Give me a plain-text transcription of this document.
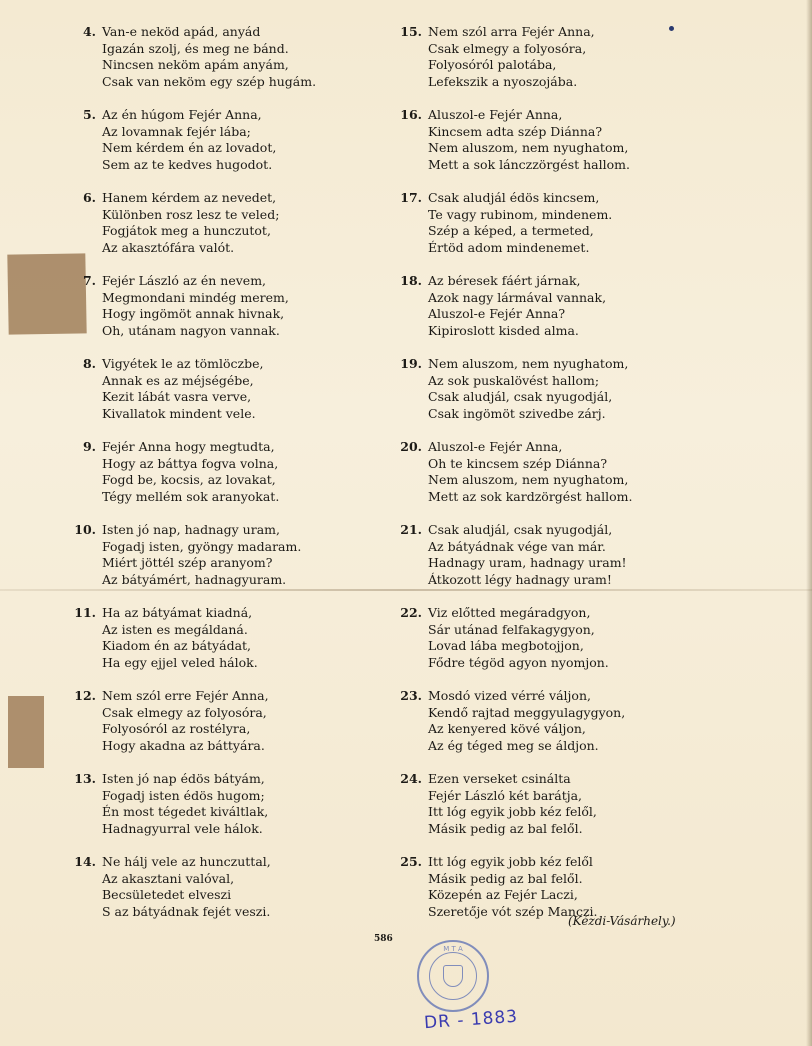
4. Van-e neköd apád, anyád
Igazán szolj, és meg ne bánd.
Nincsen neköm apám anyám,
Csak van neköm egy szép hugám.
5. Az én húgom Fejér Anna,
Az lovamnak fejér lába;
Nem kérdem én az lovadot,
Sem az te kedves hugodot.
6. Hanem kérdem az nevedet,
Különben rosz lesz te veled;
Fogjátok meg a hunczutot,
Az akasztófára valót.
7. Fejér László az én nevem,
Megmondani mindég merem,
Hogy ingömöt annak hivnak,
Oh, utánam nagyon vannak.
8. Vigyétek le az tömlöczbe,
Annak es az méjségébe,
Kezit lábát vasra verve,
Kivallatok mindent vele.
9. Fejér Anna hogy megtudta,
Hogy az báttya fogva volna,
Fogd be, kocsis, az lovakat,
Tégy mellém sok aranyokat.
10. Isten jó nap, hadnagy uram,
Fogadj isten, gyöngy madaram.
Miért jöttél szép aranyom?
Az bátyámért, hadnagyuram.
11. Ha az bátyámat kiadná,
Az isten es megáldaná.
Kiadom én az bátyádat,
Ha egy ejjel veled hálok.
12. Nem szól erre Fejér Anna,
Csak elmegy az folyosóra,
Folyosóról az rostélyra,
Hogy akadna az báttyára.
13. Isten jó nap édös bátyám,
Fogadj isten édös hugom;
Én most tégedet kiváltlak,
Hadnagyurral vele hálok.
14. Ne hálj vele az hunczuttal,
Az akasztani valóval,
Becsületedet elveszi
S az bátyádnak fejét veszi.
15. Nem szól arra Fejér Anna,
Csak elmegy a folyosóra,
Folyosóról palotába,
Lefekszik a nyoszojába.
16. Aluszol-e Fejér Anna,
Kincsem adta szép Diánna?
Nem aluszom, nem nyughatom,
Mett a sok lánczzörgést hallom.
17. Csak aludjál édös kincsem,
Te vagy rubinom, mindenem.
Szép a képed, a termeted,
Értöd adom mindenemet.
18. Az béresek fáért járnak,
Azok nagy lármával vannak,
Aluszol-e Fejér Anna?
Kipiroslott kisded alma.
19. Nem aluszom, nem nyughatom,
Az sok puskalövést hallom;
Csak aludjál, csak nyugodjál,
Csak ingömöt szivedbe zárj.
20. Aluszol-e Fejér Anna,
Oh te kincsem szép Diánna?
Nem aluszom, nem nyughatom,
Mett az sok kardzörgést hallom.
21. Csak aludjál, csak nyugodjál,
Az bátyádnak vége van már.
Hadnagy uram, hadnagy uram!
Átkozott légy hadnagy uram!
22. Viz előtted megáradgyon,
Sár utánad felfakagygyon,
Lovad lába megbotojjon,
Fődre tégöd agyon nyomjon.
23. Mosdó vized vérré váljon,
Kendő rajtad meggyulagygyon,
Az kenyered kövé váljon,
Az ég téged meg se áldjon.
24. Ezen verseket csinálta
Fejér László két barátja,
Itt lóg egyik jobb kéz felől,
Másik pedig az bal felől.
25. Itt lóg egyik jobb kéz felől
Másik pedig az bal felől.
Közepén az Fejér Laczi,
Szeretője vót szép Manczi.
(Kézdi-Vásárhely.)
586
M T A
DR - 1883
